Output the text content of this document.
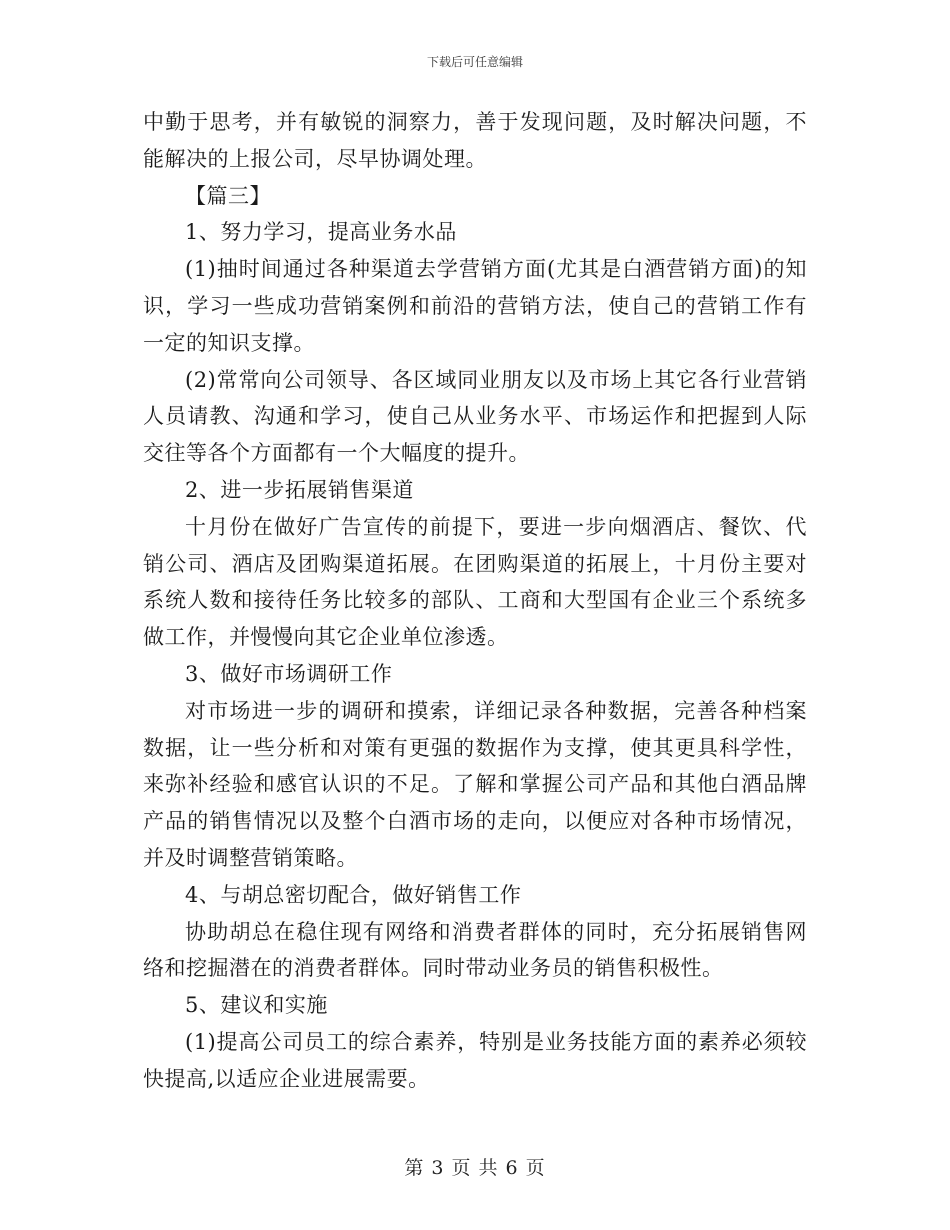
下载后可任意编辑

中勤于思考，并有敏锐的洞察力，善于发现问题，及时解决问题，不能解决的上报公司，尽早协调处理。

【篇三】

1、努力学习，提高业务水品

(1)抽时间通过各种渠道去学营销方面(尤其是白酒营销方面)的知识，学习一些成功营销案例和前沿的营销方法，使自己的营销工作有一定的知识支撑。

(2)常常向公司领导、各区域同业朋友以及市场上其它各行业营销人员请教、沟通和学习，使自己从业务水平、市场运作和把握到人际交往等各个方面都有一个大幅度的提升。

2、进一步拓展销售渠道

十月份在做好广告宣传的前提下，要进一步向烟酒店、餐饮、代销公司、酒店及团购渠道拓展。在团购渠道的拓展上，十月份主要对系统人数和接待任务比较多的部队、工商和大型国有企业三个系统多做工作，并慢慢向其它企业单位渗透。

3、做好市场调研工作

对市场进一步的调研和摸索，详细记录各种数据，完善各种档案数据，让一些分析和对策有更强的数据作为支撑，使其更具科学性，来弥补经验和感官认识的不足。了解和掌握公司产品和其他白酒品牌产品的销售情况以及整个白酒市场的走向，以便应对各种市场情况，并及时调整营销策略。

4、与胡总密切配合，做好销售工作

协助胡总在稳住现有网络和消费者群体的同时，充分拓展销售网络和挖掘潜在的消费者群体。同时带动业务员的销售积极性。

5、建议和实施

(1)提高公司员工的综合素养，特别是业务技能方面的素养必须较快提高,以适应企业进展需要。

第 3 页 共 6 页
